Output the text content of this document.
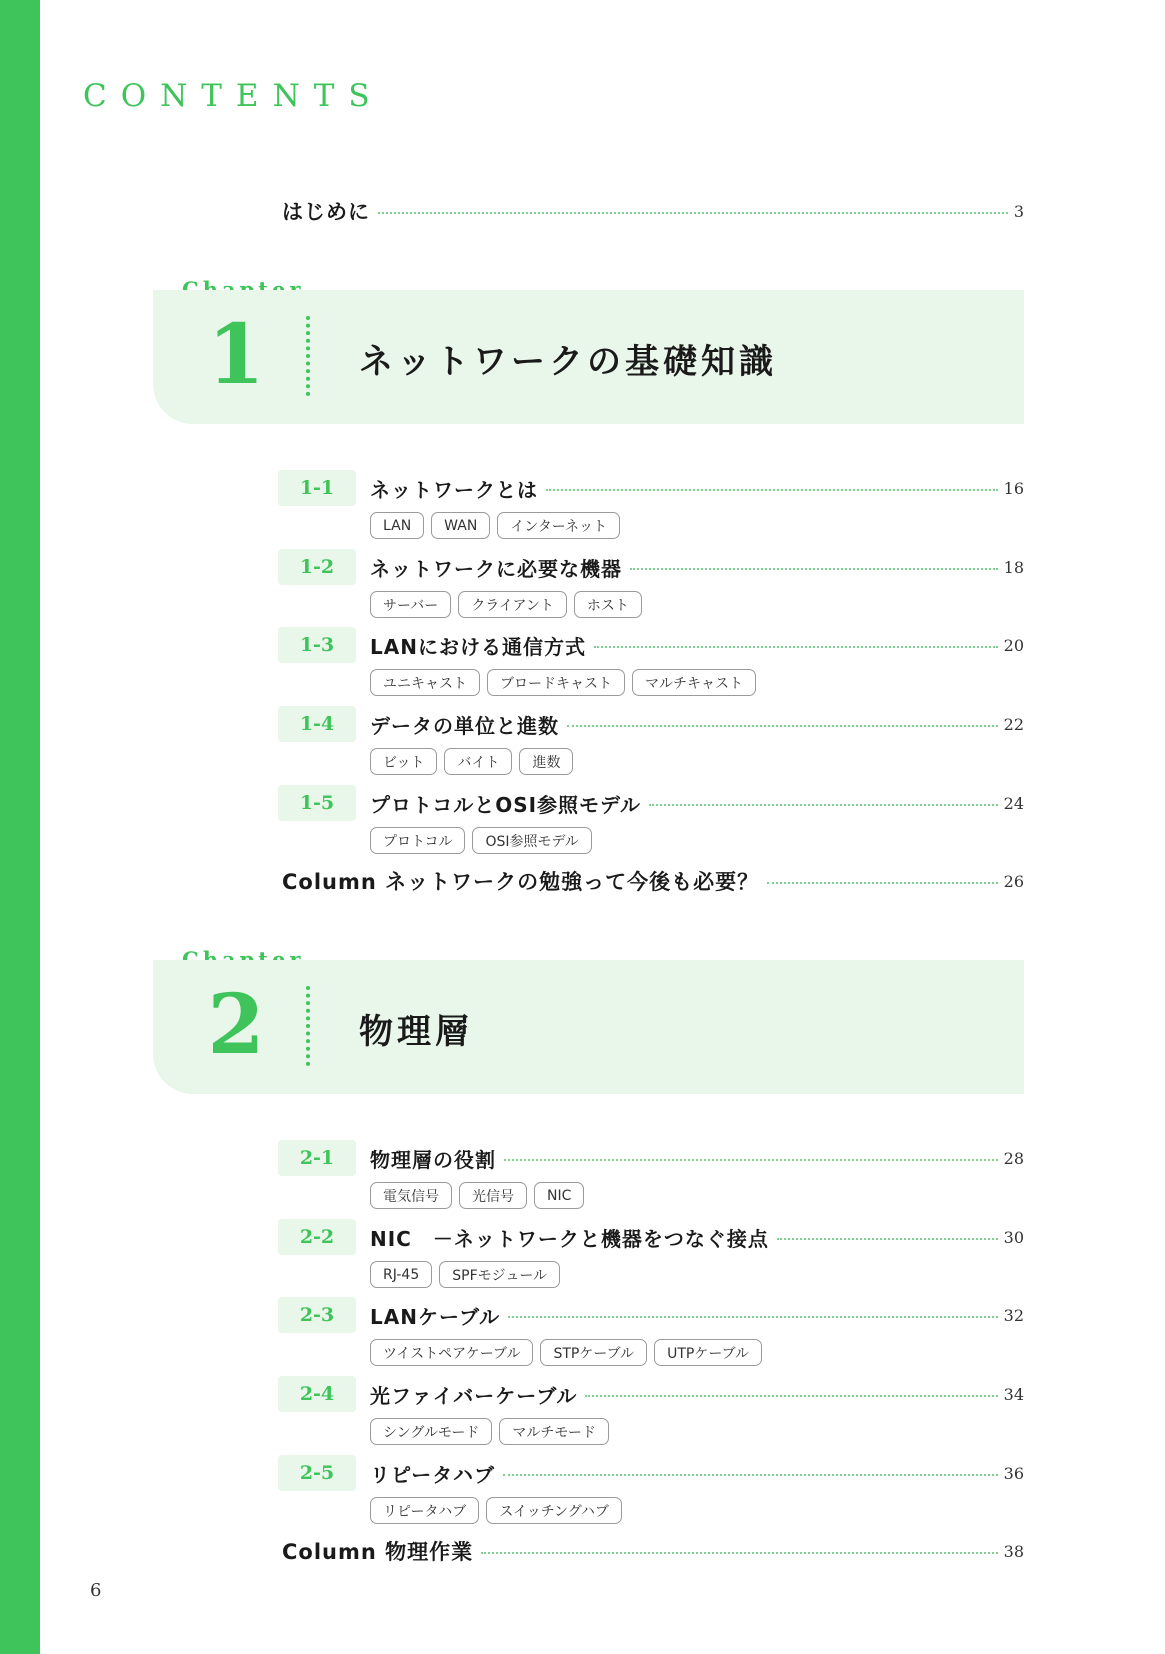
CONTENTS
はじめに	3
1	ネットワークの基礎知識
1-1	ネットワークとは	16
LAN	WAN	インターネット
1-2	ネットワークに必要な機器	18
サーバー	クライアント	ホスト
1-3	LANにおける通信方式	20
ユニキャスト	ブロードキャスト	マルチキャスト
1-4	データの単位と進数	22
ビット	バイト	進数
1-5	プロトコルとOSI参照モデル	24
プロトコル	OSI参照モデル
Column ネットワークの勉強って今後も必要？	26
2	物理層
2-1	物理層の役割	28
電気信号	光信号	NIC
2-2	NIC　－ネットワークと機器をつなぐ接点	30
RJ-45	SPFモジュール
2-3	LANケーブル	32
ツイストペアケーブル	STPケーブル	UTPケーブル
2-4	光ファイバーケーブル	34
シングルモード	マルチモード
2-5	リピータハブ	36
リピータハブ	スイッチングハブ
Column 物理作業	38
6
